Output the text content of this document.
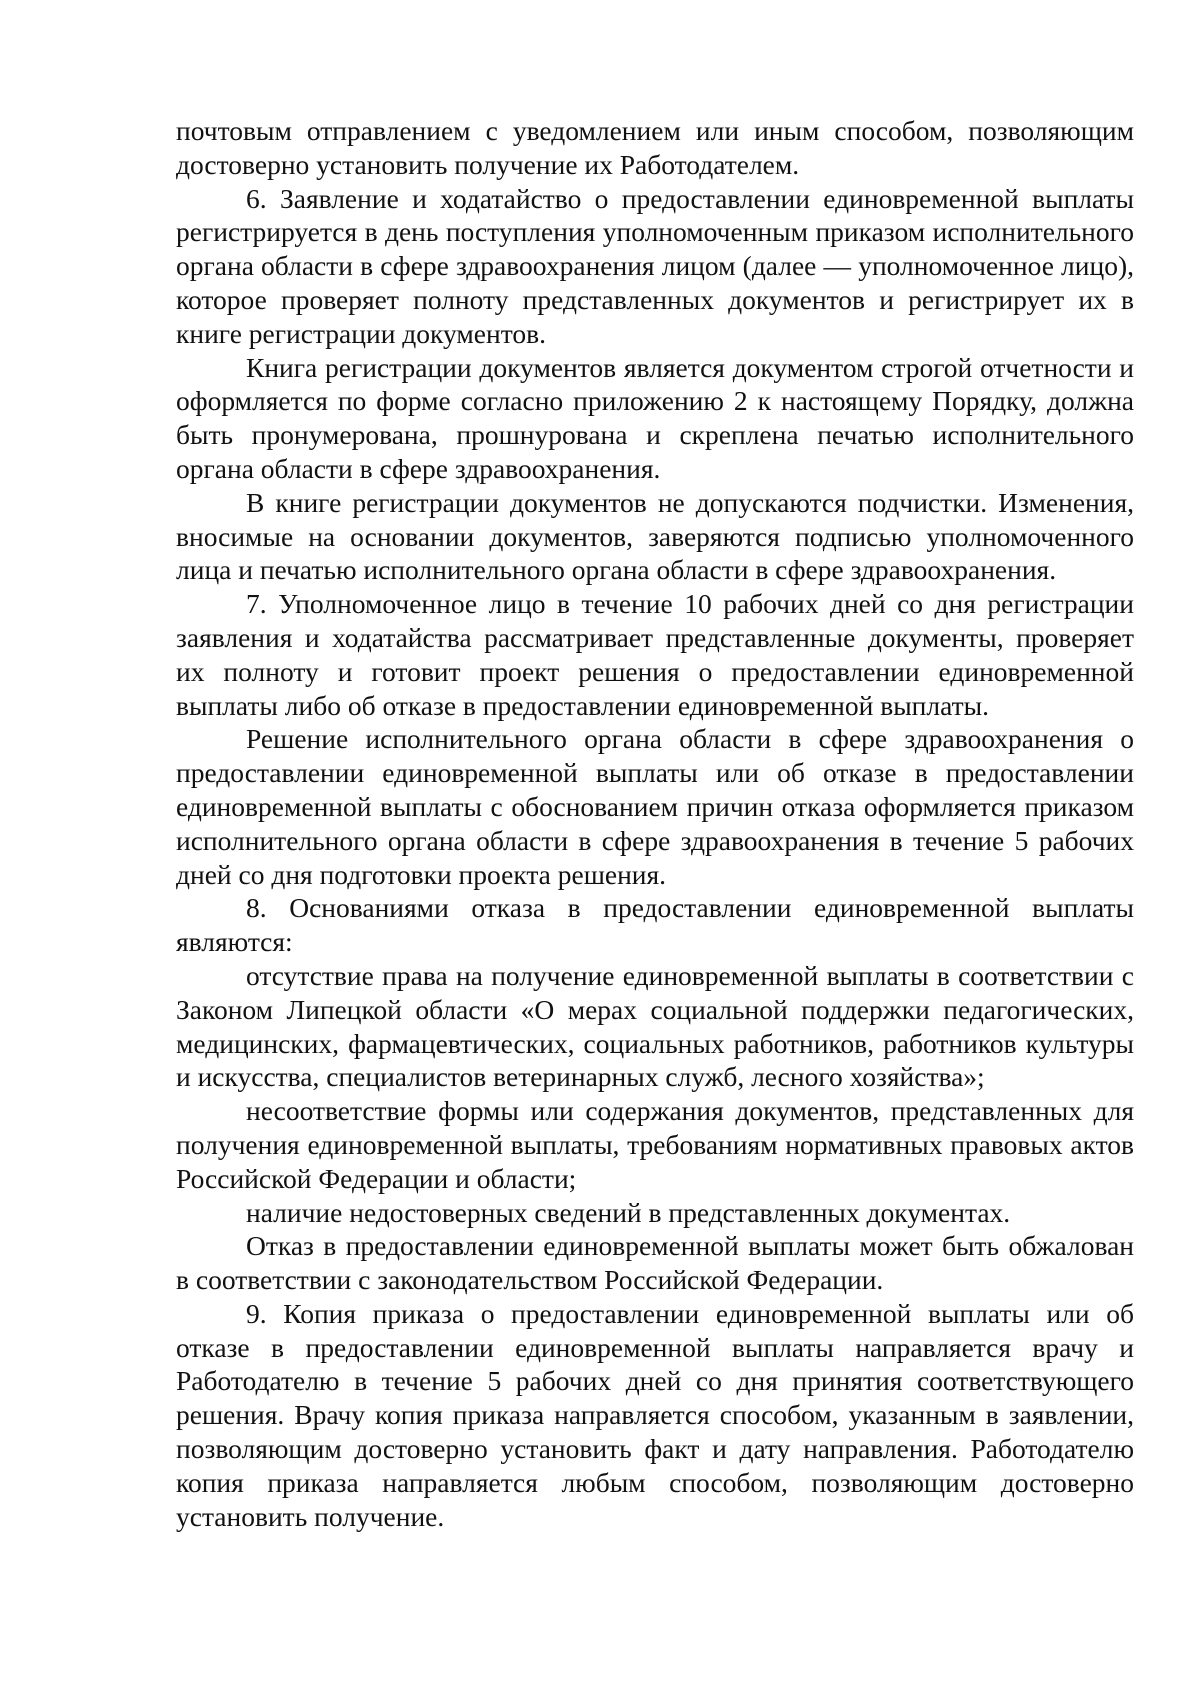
почтовым отправлением с уведомлением или иным способом, позволяющим достоверно установить получение их Работодателем.

6. Заявление и ходатайство о предоставлении единовременной выплаты регистрируется в день поступления уполномоченным приказом исполнительного органа области в сфере здравоохранения лицом (далее — уполномоченное лицо), которое проверяет полноту представленных документов и регистрирует их в книге регистрации документов.

Книга регистрации документов является документом строгой отчетности и оформляется по форме согласно приложению 2 к настоящему Порядку, должна быть пронумерована, прошнурована и скреплена печатью исполнительного органа области в сфере здравоохранения.

В книге регистрации документов не допускаются подчистки. Изменения, вносимые на основании документов, заверяются подписью уполномоченного лица и печатью исполнительного органа области в сфере здравоохранения.

7. Уполномоченное лицо в течение 10 рабочих дней со дня регистрации заявления и ходатайства рассматривает представленные документы, проверяет их полноту и готовит проект решения о предоставлении единовременной выплаты либо об отказе в предоставлении единовременной выплаты.

Решение исполнительного органа области в сфере здравоохранения о предоставлении единовременной выплаты или об отказе в предоставлении единовременной выплаты с обоснованием причин отказа оформляется приказом исполнительного органа области в сфере здравоохранения в течение 5 рабочих дней со дня подготовки проекта решения.

8. Основаниями отказа в предоставлении единовременной выплаты являются:

отсутствие права на получение единовременной выплаты в соответствии с Законом Липецкой области «О мерах социальной поддержки педагогических, медицинских, фармацевтических, социальных работников, работников культуры и искусства, специалистов ветеринарных служб, лесного хозяйства»;

несоответствие формы или содержания документов, представленных для получения единовременной выплаты, требованиям нормативных правовых актов Российской Федерации и области;

наличие недостоверных сведений в представленных документах.

Отказ в предоставлении единовременной выплаты может быть обжалован в соответствии с законодательством Российской Федерации.

9. Копия приказа о предоставлении единовременной выплаты или об отказе в предоставлении единовременной выплаты направляется врачу и Работодателю в течение 5 рабочих дней со дня принятия соответствующего решения. Врачу копия приказа направляется способом, указанным в заявлении, позволяющим достоверно установить факт и дату направления. Работодателю копия приказа направляется любым способом, позволяющим достоверно установить получение.
